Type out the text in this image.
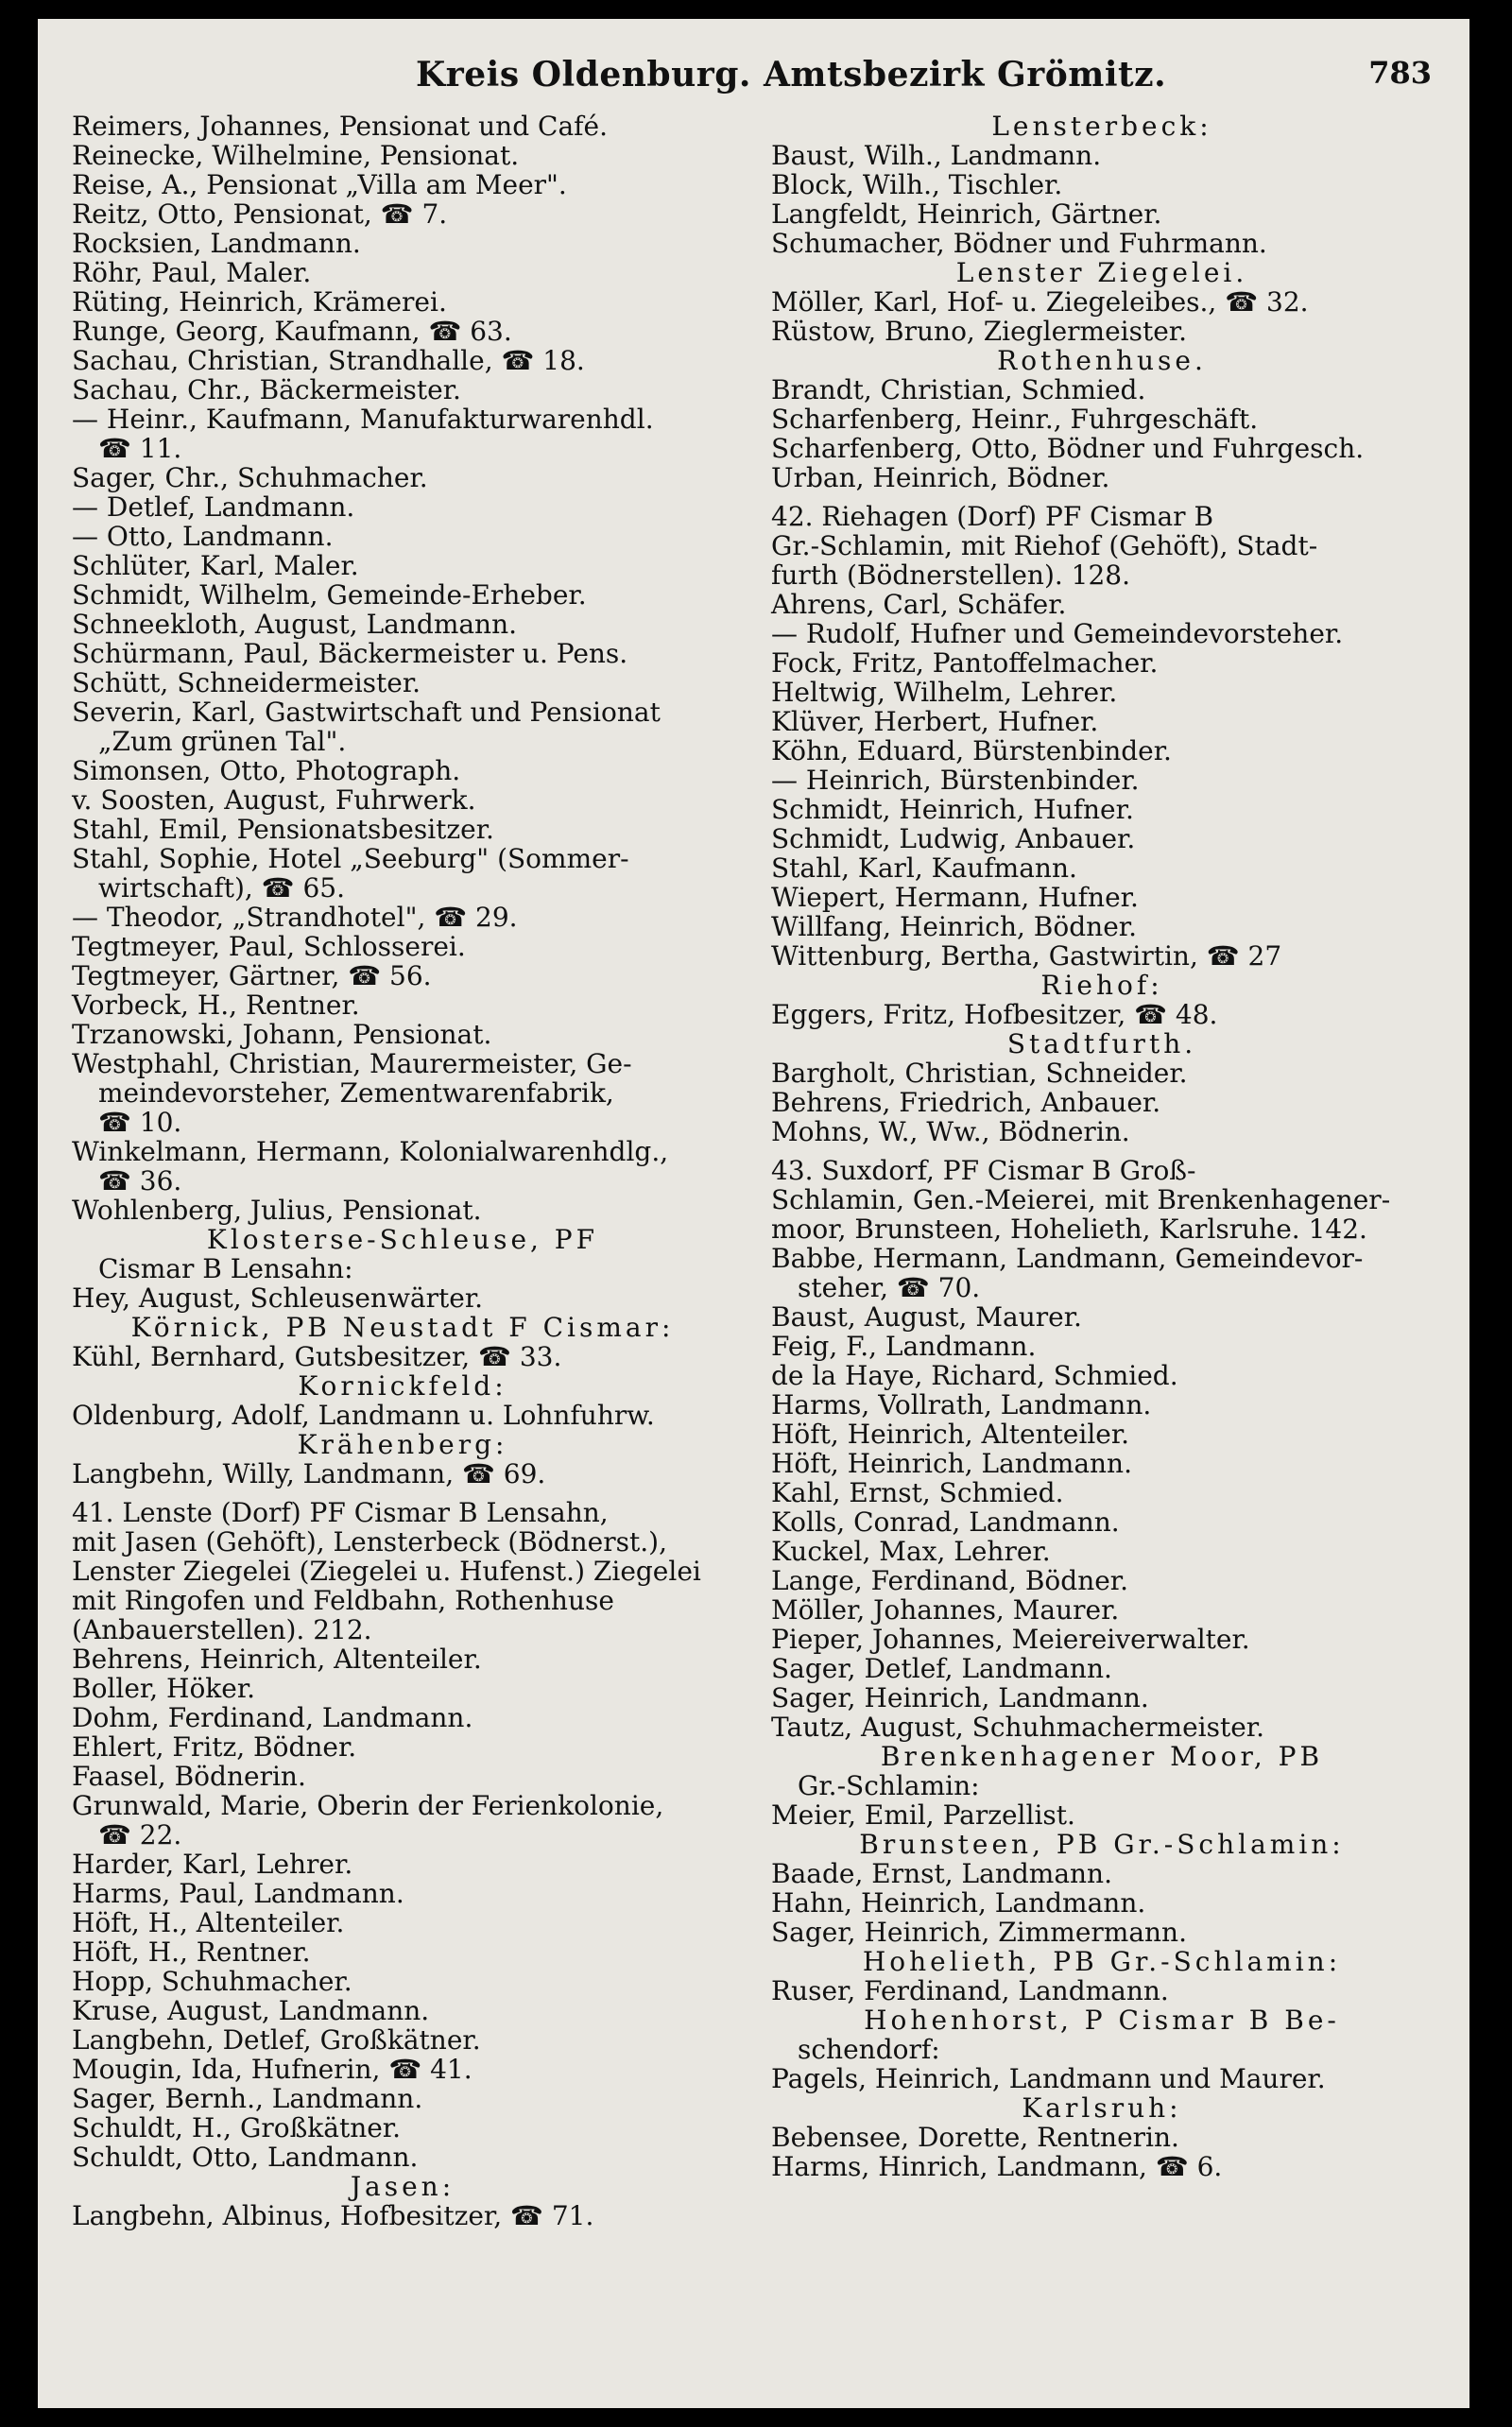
Kreis Oldenburg. Amtsbezirk Grömitz.	783
Reimers, Johannes, Pensionat und Café.
Reinecke, Wilhelmine, Pensionat.
Reise, A., Pensionat „Villa am Meer".
Reitz, Otto, Pensionat, ☎ 7.
Rocksien, Landmann.
Röhr, Paul, Maler.
Rüting, Heinrich, Krämerei.
Runge, Georg, Kaufmann, ☎ 63.
Sachau, Christian, Strandhalle, ☎ 18.
Sachau, Chr., Bäckermeister.
— Heinr., Kaufmann, Manufakturwarenhdl.
☎ 11.
Sager, Chr., Schuhmacher.
— Detlef, Landmann.
— Otto, Landmann.
Schlüter, Karl, Maler.
Schmidt, Wilhelm, Gemeinde-Erheber.
Schneekloth, August, Landmann.
Schürmann, Paul, Bäckermeister u. Pens.
Schütt, Schneidermeister.
Severin, Karl, Gastwirtschaft und Pensionat
„Zum grünen Tal".
Simonsen, Otto, Photograph.
v. Soosten, August, Fuhrwerk.
Stahl, Emil, Pensionatsbesitzer.
Stahl, Sophie, Hotel „Seeburg" (Sommer-
wirtschaft), ☎ 65.
— Theodor, „Strandhotel", ☎ 29.
Tegtmeyer, Paul, Schlosserei.
Tegtmeyer, Gärtner, ☎ 56.
Vorbeck, H., Rentner.
Trzanowski, Johann, Pensionat.
Westphahl, Christian, Maurermeister, Ge-
meindevorsteher, Zementwarenfabrik,
☎ 10.
Winkelmann, Hermann, Kolonialwarenhdlg.,
☎ 36.
Wohlenberg, Julius, Pensionat.
Klosterse-Schleuse, PF
Cismar B Lensahn:
Hey, August, Schleusenwärter.
Körnick, PB Neustadt F Cismar:
Kühl, Bernhard, Gutsbesitzer, ☎ 33.
Kornickfeld:
Oldenburg, Adolf, Landmann u. Lohnfuhrw.
Krähenberg:
Langbehn, Willy, Landmann, ☎ 69.
41. Lenste (Dorf) PF Cismar B Lensahn,
mit Jasen (Gehöft), Lensterbeck (Bödnerst.),
Lenster Ziegelei (Ziegelei u. Hufenst.) Ziegelei
mit Ringofen und Feldbahn, Rothenhuse
(Anbauerstellen). 212.
Behrens, Heinrich, Altenteiler.
Boller, Höker.
Dohm, Ferdinand, Landmann.
Ehlert, Fritz, Bödner.
Faasel, Bödnerin.
Grunwald, Marie, Oberin der Ferienkolonie,
☎ 22.
Harder, Karl, Lehrer.
Harms, Paul, Landmann.
Höft, H., Altenteiler.
Höft, H., Rentner.
Hopp, Schuhmacher.
Kruse, August, Landmann.
Langbehn, Detlef, Großkätner.
Mougin, Ida, Hufnerin, ☎ 41.
Sager, Bernh., Landmann.
Schuldt, H., Großkätner.
Schuldt, Otto, Landmann.
Jasen:
Langbehn, Albinus, Hofbesitzer, ☎ 71.
Lensterbeck:
Baust, Wilh., Landmann.
Block, Wilh., Tischler.
Langfeldt, Heinrich, Gärtner.
Schumacher, Bödner und Fuhrmann.
Lenster Ziegelei.
Möller, Karl, Hof- u. Ziegeleibes., ☎ 32.
Rüstow, Bruno, Zieglermeister.
Rothenhuse.
Brandt, Christian, Schmied.
Scharfenberg, Heinr., Fuhrgeschäft.
Scharfenberg, Otto, Bödner und Fuhrgesch.
Urban, Heinrich, Bödner.
42. Riehagen (Dorf) PF Cismar B
Gr.-Schlamin, mit Riehof (Gehöft), Stadt-
furth (Bödnerstellen). 128.
Ahrens, Carl, Schäfer.
— Rudolf, Hufner und Gemeindevorsteher.
Fock, Fritz, Pantoffelmacher.
Heltwig, Wilhelm, Lehrer.
Klüver, Herbert, Hufner.
Köhn, Eduard, Bürstenbinder.
— Heinrich, Bürstenbinder.
Schmidt, Heinrich, Hufner.
Schmidt, Ludwig, Anbauer.
Stahl, Karl, Kaufmann.
Wiepert, Hermann, Hufner.
Willfang, Heinrich, Bödner.
Wittenburg, Bertha, Gastwirtin, ☎ 27
Riehof:
Eggers, Fritz, Hofbesitzer, ☎ 48.
Stadtfurth.
Bargholt, Christian, Schneider.
Behrens, Friedrich, Anbauer.
Mohns, W., Ww., Bödnerin.
43. Suxdorf, PF Cismar B Groß-
Schlamin, Gen.-Meierei, mit Brenkenhagener-
moor, Brunsteen, Hohelieth, Karlsruhe. 142.
Babbe, Hermann, Landmann, Gemeindevor-
steher, ☎ 70.
Baust, August, Maurer.
Feig, F., Landmann.
de la Haye, Richard, Schmied.
Harms, Vollrath, Landmann.
Höft, Heinrich, Altenteiler.
Höft, Heinrich, Landmann.
Kahl, Ernst, Schmied.
Kolls, Conrad, Landmann.
Kuckel, Max, Lehrer.
Lange, Ferdinand, Bödner.
Möller, Johannes, Maurer.
Pieper, Johannes, Meiereiverwalter.
Sager, Detlef, Landmann.
Sager, Heinrich, Landmann.
Tautz, August, Schuhmachermeister.
Brenkenhagener Moor, PB
Gr.-Schlamin:
Meier, Emil, Parzellist.
Brunsteen, PB Gr.-Schlamin:
Baade, Ernst, Landmann.
Hahn, Heinrich, Landmann.
Sager, Heinrich, Zimmermann.
Hohelieth, PB Gr.-Schlamin:
Ruser, Ferdinand, Landmann.
Hohenhorst, P Cismar B Be-
schendorf:
Pagels, Heinrich, Landmann und Maurer.
Karlsruh:
Bebensee, Dorette, Rentnerin.
Harms, Hinrich, Landmann, ☎ 6.
